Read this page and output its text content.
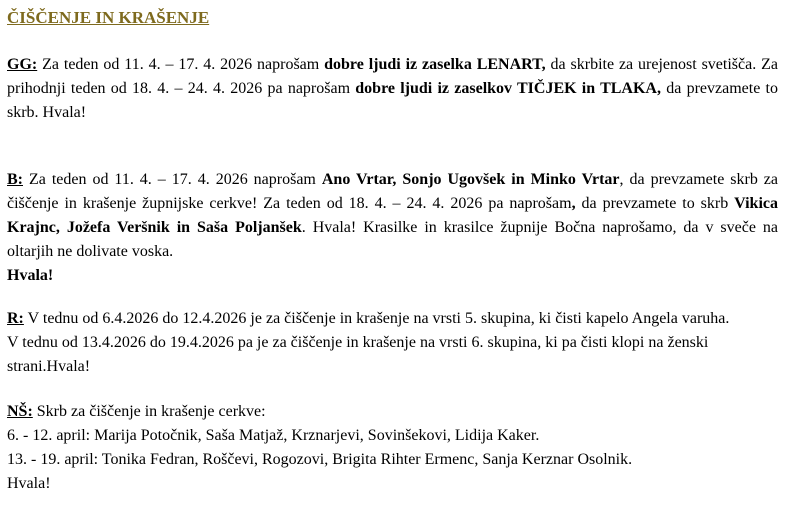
ČIŠČENJE IN KRAŠENJE

GG: Za teden od 11. 4. – 17. 4. 2026 naprošam dobre ljudi iz zaselka LENART, da skrbite za urejenost svetišča. Za prihodnji teden od 18. 4. – 24. 4. 2026 pa naprošam dobre ljudi iz zaselkov TIČJEK in TLAKA, da prevzamete to skrb. Hvala!

B: Za teden od 11. 4. – 17. 4. 2026 naprošam Ano Vrtar, Sonjo Ugovšek in Minko Vrtar, da prevzamete skrb za čiščenje in krašenje župnijske cerkve! Za teden od 18. 4. – 24. 4. 2026 pa naprošam, da prevzamete to skrb Vikica Krajnc, Jožefa Veršnik in Saša Poljanšek. Hvala! Krasilke in krasilce župnije Bočna naprošamo, da v sveče na oltarjih ne dolivate voska.
Hvala!

R: V tednu od 6.4.2026 do 12.4.2026 je za čiščenje in krašenje na vrsti 5. skupina, ki čisti kapelo Angela varuha.
V tednu od 13.4.2026 do 19.4.2026 pa je za čiščenje in krašenje na vrsti 6. skupina, ki pa čisti klopi na ženski strani.Hvala!

NŠ: Skrb za čiščenje in krašenje cerkve:
6. - 12. april: Marija Potočnik, Saša Matjaž, Krznarjevi, Sovinšekovi, Lidija Kaker.
13. - 19. april: Tonika Fedran, Roščevi, Rogozovi, Brigita Rihter Ermenc, Sanja Kerznar Osolnik.
Hvala!
